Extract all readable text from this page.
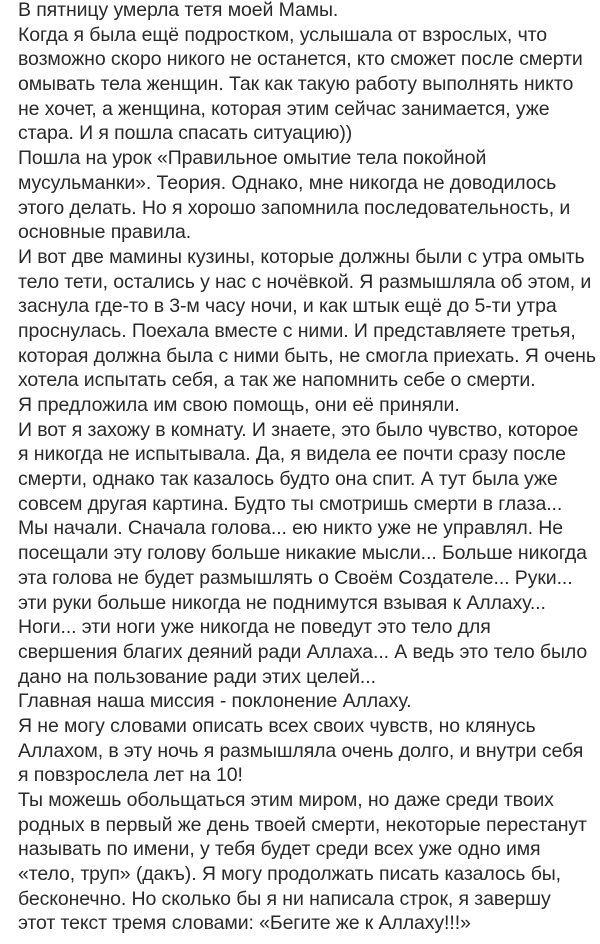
В пятницу умерла тетя моей Мамы.
Когда я была ещё подростком, услышала от взрослых, что
возможно скоро никого не останется, кто сможет после смерти
омывать тела женщин. Так как такую работу выполнять никто
не хочет, а женщина, которая этим сейчас занимается, уже
стара. И я пошла спасать ситуацию))
Пошла на урок «Правильное омытие тела покойной
мусульманки». Теория. Однако, мне никогда не доводилось
этого делать. Но я хорошо запомнила последовательность, и
основные правила.
И вот две мамины кузины, которые должны были с утра омыть
тело тети, остались у нас с ночёвкой. Я размышляла об этом, и
заснула где-то в 3-м часу ночи, и как штык ещё до 5-ти утра
проснулась. Поехала вместе с ними. И представляете третья,
которая должна была с ними быть, не смогла приехать. Я очень
хотела испытать себя, а так же напомнить себе о смерти.
Я предложила им свою помощь, они её приняли.
И вот я захожу в комнату. И знаете, это было чувство, которое
я никогда не испытывала. Да, я видела ее почти сразу после
смерти, однако так казалось будто она спит. А тут была уже
совсем другая картина. Будто ты смотришь смерти в глаза...
Мы начали. Сначала голова... ею никто уже не управлял. Не
посещали эту голову больше никакие мысли... Больше никогда
эта голова не будет размышлять о Своём Создателе... Руки...
эти руки больше никогда не поднимутся взывая к Аллаху...
Ноги... эти ноги уже никогда не поведут это тело для
свершения благих деяний ради Аллаха... А ведь это тело было
дано на пользование ради этих целей...
Главная наша миссия - поклонение Аллаху.
Я не могу словами описать всех своих чувств, но клянусь
Аллахом, в эту ночь я размышляла очень долго, и внутри себя
я повзрослела лет на 10!
Ты можешь обольщаться этим миром, но даже среди твоих
родных в первый же день твоей смерти, некоторые перестанут
называть по имени, у тебя будет среди всех уже одно имя
«тело, труп» (дакъ). Я могу продолжать писать казалось бы,
бесконечно. Но сколько бы я ни написала строк, я завершу
этот текст тремя словами: «Бегите же к Аллаху!!!»
